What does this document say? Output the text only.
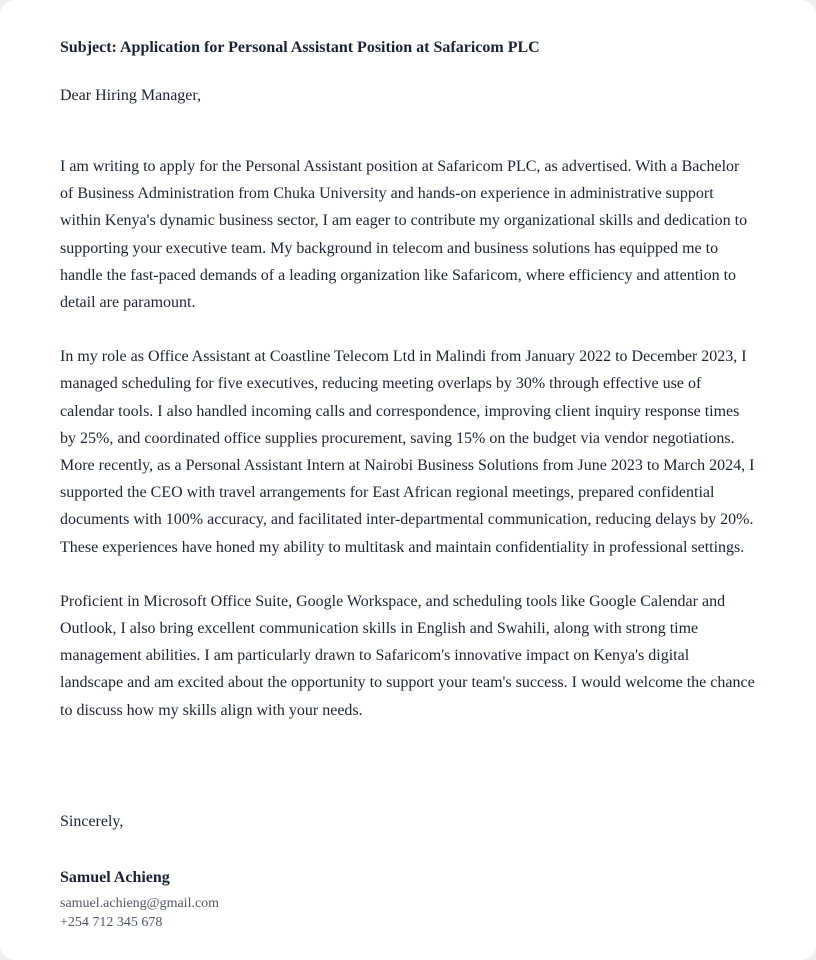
Subject: Application for Personal Assistant Position at Safaricom PLC

Dear Hiring Manager,

I am writing to apply for the Personal Assistant position at Safaricom PLC, as advertised. With a Bachelor of Business Administration from Chuka University and hands-on experience in administrative support within Kenya's dynamic business sector, I am eager to contribute my organizational skills and dedication to supporting your executive team. My background in telecom and business solutions has equipped me to handle the fast-paced demands of a leading organization like Safaricom, where efficiency and attention to detail are paramount.

In my role as Office Assistant at Coastline Telecom Ltd in Malindi from January 2022 to December 2023, I managed scheduling for five executives, reducing meeting overlaps by 30% through effective use of calendar tools. I also handled incoming calls and correspondence, improving client inquiry response times by 25%, and coordinated office supplies procurement, saving 15% on the budget via vendor negotiations. More recently, as a Personal Assistant Intern at Nairobi Business Solutions from June 2023 to March 2024, I supported the CEO with travel arrangements for East African regional meetings, prepared confidential documents with 100% accuracy, and facilitated inter-departmental communication, reducing delays by 20%. These experiences have honed my ability to multitask and maintain confidentiality in professional settings.

Proficient in Microsoft Office Suite, Google Workspace, and scheduling tools like Google Calendar and Outlook, I also bring excellent communication skills in English and Swahili, along with strong time management abilities. I am particularly drawn to Safaricom's innovative impact on Kenya's digital landscape and am excited about the opportunity to support your team's success. I would welcome the chance to discuss how my skills align with your needs.

Sincerely,

Samuel Achieng

samuel.achieng@gmail.com

+254 712 345 678
